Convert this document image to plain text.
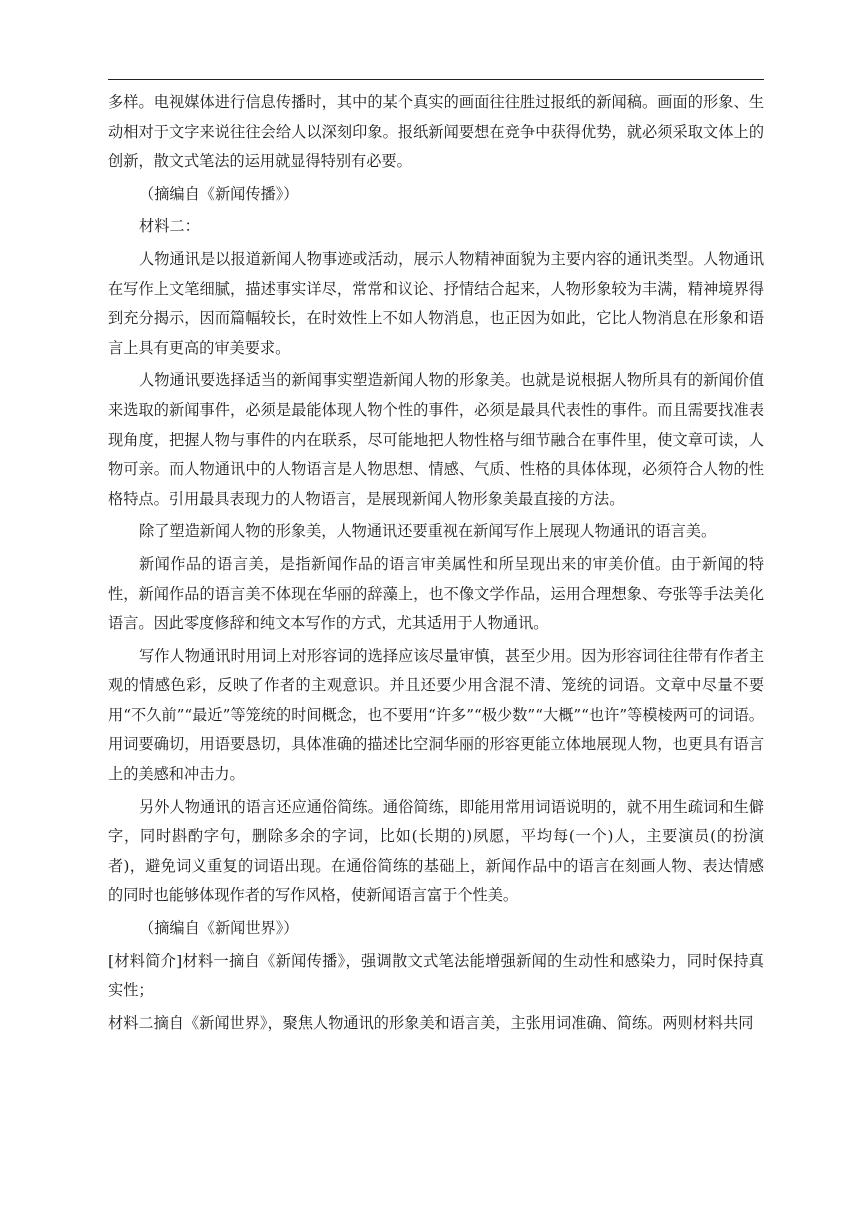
多样。电视媒体进行信息传播时，其中的某个真实的画面往往胜过报纸的新闻稿。画面的形象、生动相对于文字来说往往会给人以深刻印象。报纸新闻要想在竞争中获得优势，就必须采取文体上的创新，散文式笔法的运用就显得特别有必要。

（摘编自《新闻传播》）

材料二：

人物通讯是以报道新闻人物事迹或活动，展示人物精神面貌为主要内容的通讯类型。人物通讯在写作上文笔细腻，描述事实详尽，常常和议论、抒情结合起来，人物形象较为丰满，精神境界得到充分揭示，因而篇幅较长，在时效性上不如人物消息，也正因为如此，它比人物消息在形象和语言上具有更高的审美要求。

人物通讯要选择适当的新闻事实塑造新闻人物的形象美。也就是说根据人物所具有的新闻价值来选取的新闻事件，必须是最能体现人物个性的事件，必须是最具代表性的事件。而且需要找准表现角度，把握人物与事件的内在联系，尽可能地把人物性格与细节融合在事件里，使文章可读，人物可亲。而人物通讯中的人物语言是人物思想、情感、气质、性格的具体体现，必须符合人物的性格特点。引用最具表现力的人物语言，是展现新闻人物形象美最直接的方法。

除了塑造新闻人物的形象美，人物通讯还要重视在新闻写作上展现人物通讯的语言美。

新闻作品的语言美，是指新闻作品的语言审美属性和所呈现出来的审美价值。由于新闻的特性，新闻作品的语言美不体现在华丽的辞藻上，也不像文学作品，运用合理想象、夸张等手法美化语言。因此零度修辞和纯文本写作的方式，尤其适用于人物通讯。

写作人物通讯时用词上对形容词的选择应该尽量审慎，甚至少用。因为形容词往往带有作者主观的情感色彩，反映了作者的主观意识。并且还要少用含混不清、笼统的词语。文章中尽量不要用“不久前”“最近”等笼统的时间概念，也不要用“许多”“极少数”“大概”“也许”等模棱两可的词语。用词要确切，用语要恳切，具体准确的描述比空洞华丽的形容更能立体地展现人物，也更具有语言上的美感和冲击力。

另外人物通讯的语言还应通俗简练。通俗简练，即能用常用词语说明的，就不用生疏词和生僻字，同时斟酌字句，删除多余的字词，比如(长期的)夙愿，平均每(一个)人，主要演员(的扮演者)，避免词义重复的词语出现。在通俗简练的基础上，新闻作品中的语言在刻画人物、表达情感的同时也能够体现作者的写作风格，使新闻语言富于个性美。

（摘编自《新闻世界》）

[材料简介]材料一摘自《新闻传播》，强调散文式笔法能增强新闻的生动性和感染力，同时保持真实性；

材料二摘自《新闻世界》，聚焦人物通讯的形象美和语言美，主张用词准确、简练。两则材料共同
